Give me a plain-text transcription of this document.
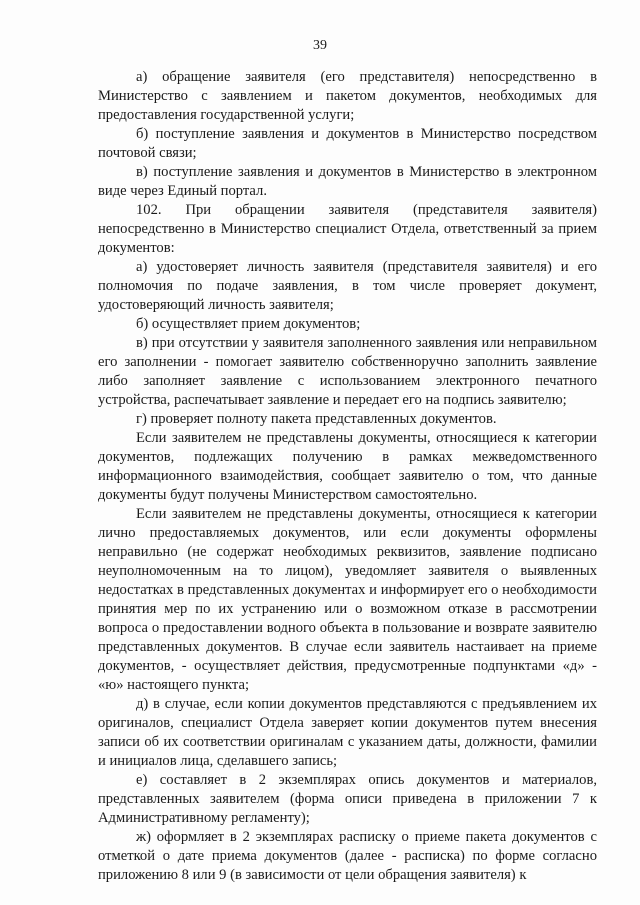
39

а) обращение заявителя (его представителя) непосредственно в Министерство с заявлением и пакетом документов, необходимых для предоставления государственной услуги;

б) поступление заявления и документов в Министерство посредством почтовой связи;

в) поступление заявления и документов в Министерство в электронном виде через Единый портал.

102. При обращении заявителя (представителя заявителя) непосредственно в Министерство специалист Отдела, ответственный за прием документов:

а) удостоверяет личность заявителя (представителя заявителя) и его полномочия по подаче заявления, в том числе проверяет документ, удостоверяющий личность заявителя;

б) осуществляет прием документов;

в) при отсутствии у заявителя заполненного заявления или неправильном его заполнении - помогает заявителю собственноручно заполнить заявление либо заполняет заявление с использованием электронного печатного устройства, распечатывает заявление и передает его на подпись заявителю;

г) проверяет полноту пакета представленных документов.

Если заявителем не представлены документы, относящиеся к категории документов, подлежащих получению в рамках межведомственного информационного взаимодействия, сообщает заявителю о том, что данные документы будут получены Министерством самостоятельно.

Если заявителем не представлены документы, относящиеся к категории лично предоставляемых документов, или если документы оформлены неправильно (не содержат необходимых реквизитов, заявление подписано неуполномоченным на то лицом), уведомляет заявителя о выявленных недостатках в представленных документах и информирует его о необходимости принятия мер по их устранению или о возможном отказе в рассмотрении вопроса о предоставлении водного объекта в пользование и возврате заявителю представленных документов. В случае если заявитель настаивает на приеме документов, - осуществляет действия, предусмотренные подпунктами «д» - «ю» настоящего пункта;

д) в случае, если копии документов представляются с предъявлением их оригиналов, специалист Отдела заверяет копии документов путем внесения записи об их соответствии оригиналам с указанием даты, должности, фамилии и инициалов лица, сделавшего запись;

е) составляет в 2 экземплярах опись документов и материалов, представленных заявителем (форма описи приведена в приложении 7 к Административному регламенту);

ж) оформляет в 2 экземплярах расписку о приеме пакета документов с отметкой о дате приема документов (далее - расписка) по форме согласно приложению 8 или 9 (в зависимости от цели обращения заявителя) к
